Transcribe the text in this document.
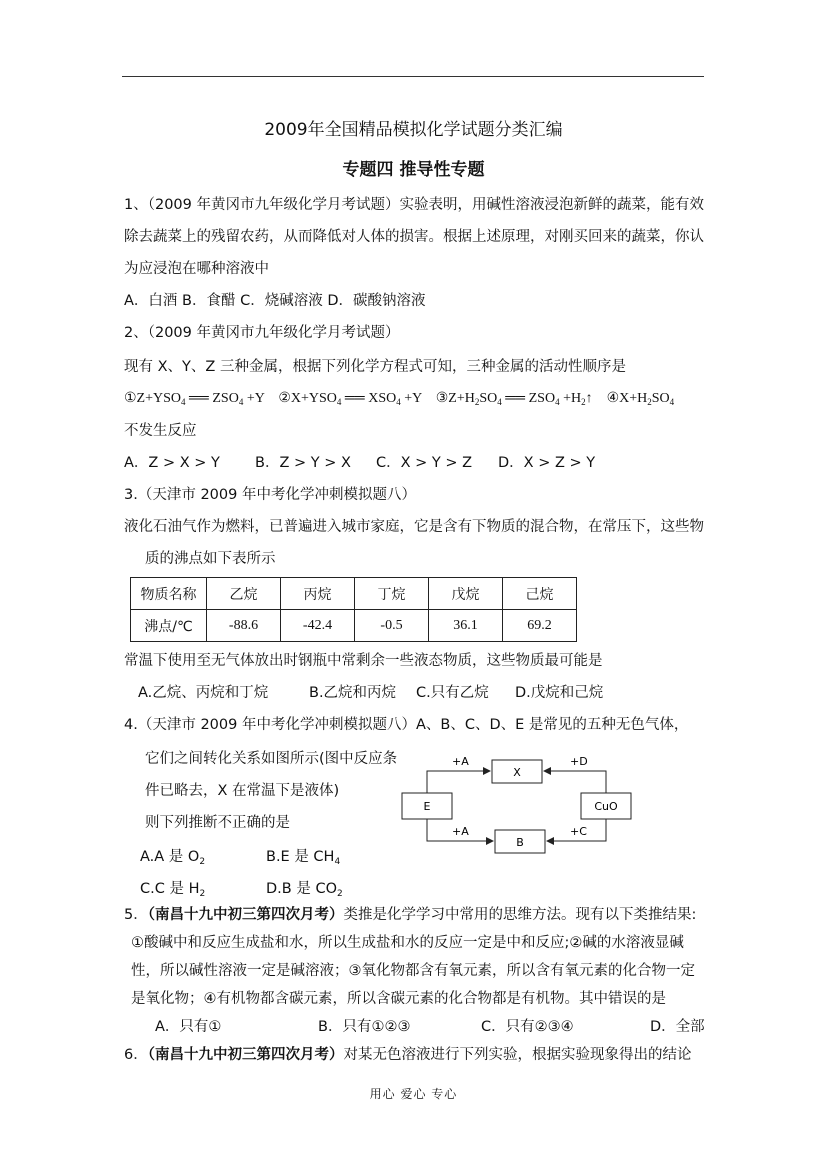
2009年全国精品模拟化学试题分类汇编
专题四 推导性专题
1、（2009 年黄冈市九年级化学月考试题）实验表明，用碱性溶液浸泡新鲜的蔬菜，能有效
除去蔬菜上的残留农药，从而降低对人体的损害。根据上述原理，对刚买回来的蔬菜，你认
为应浸泡在哪种溶液中
A．白酒 B．食醋 C．烧碱溶液 D．碳酸钠溶液
2、（2009 年黄冈市九年级化学月考试题）
现有 X、Y、Z 三种金属，根据下列化学方程式可知，三种金属的活动性顺序是
$①Z+YSO_4$ ══ $ZSO_4 +Y$ $②X+YSO_4$ ══ $XSO_4 +Y$ $③Z+H_2SO_4$ ══ $ZSO_4$ $+H_2↑$ $④X+H_2SO_4$
不发生反应
A．Z > X > Y B．Z > Y > X C．X > Y > Z D．X > Z > Y
3.（天津市 2009 年中考化学冲刺模拟题八）
液化石油气作为燃料，已普遍进入城市家庭，它是含有下物质的混合物，在常压下，这些物
质的沸点如下表所示
物质名称	乙烷	丙烷	丁烷	戊烷	己烷
沸点/℃	-88.6	-42.4	-0.5	36.1	69.2
常温下使用至无气体放出时钢瓶中常剩余一些液态物质，这些物质最可能是
A.乙烷、丙烷和丁烷	B.乙烷和丙烷 C.只有乙烷 D.戊烷和己烷
4.（天津市 2009 年中考化学冲刺模拟题八）A、B、C、D、E 是常见的五种无色气体，
它们之间转化关系如图所示(图中反应条
件已略去，X 在常温下是液体)
则下列推断不正确的是
A.A 是 $O_2$	B.E 是 $CH_4$
C.C 是 $H_2$	D.B 是 $CO_2$
X
E	CuO
B
+A	+D
+A	+C
5．（南昌十九中初三第四次月考）类推是化学学习中常用的思维方法。现有以下类推结果:
①酸碱中和反应生成盐和水，所以生成盐和水的反应一定是中和反应;②碱的水溶液显碱
性，所以碱性溶液一定是碱溶液；③氧化物都含有氧元素，所以含有氧元素的化合物一定
是氧化物；④有机物都含碳元素，所以含碳元素的化合物都是有机物。其中错误的是
A．只有①	B．只有①②③	C．只有②③④	D．全部
6．（南昌十九中初三第四次月考）对某无色溶液进行下列实验，根据实验现象得出的结论
用心 爱心 专心
